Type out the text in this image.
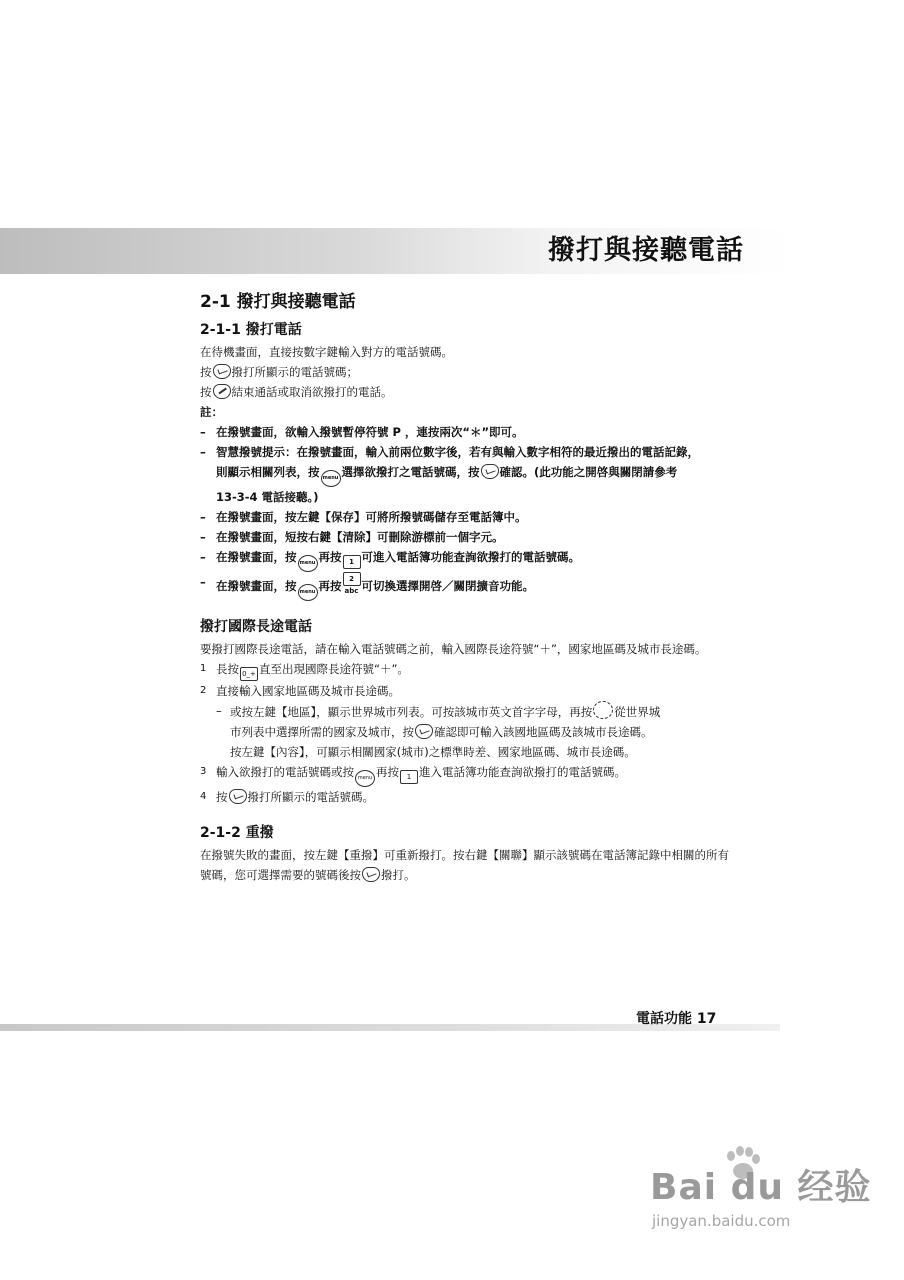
撥打與接聽電話
2-1 撥打與接聽電話
2-1-1 撥打電話

在待機畫面，直接按數字鍵輸入對方的電話號碼。

按 撥打所顯示的電話號碼；

按 結束通話或取消欲撥打的電話。

註：

– 在撥號畫面，欲輸入撥號暫停符號 P ，連按兩次“＊”即可。
– 智慧撥號提示：在撥號畫面，輸入前兩位數字後，若有與輸入數字相符的最近撥出的電話記錄，
則顯示相關列表，按 menu 選擇欲撥打之電話號碼，按 確認。(此功能之開啓與關閉請參考
13-3-4 電話接聽。)
– 在撥號畫面，按左鍵【保存】可將所撥號碼儲存至電話簿中。
– 在撥號畫面，短按右鍵【清除】可刪除游標前一個字元。
– 在撥號畫面，按 menu 再按 1 可進入電話簿功能查詢欲撥打的電話號碼。
– 在撥號畫面，按 menu 再按 2 abc 可切換選擇開啓／關閉擴音功能。
撥打國際長途電話

要撥打國際長途電話，請在輸入電話號碼之前，輸入國際長途符號“＋”，國家地區碼及城市長途碼。

1 長按 0_+ 直至出現國際長途符號“＋”。
2 直接輸入國家地區碼及城市長途碼。
– 或按左鍵【地區】，顯示世界城市列表。可按該城市英文首字字母，再按 從世界城
市列表中選擇所需的國家及城市，按 確認即可輸入該國地區碼及該城市長途碼。

按左鍵【內容】，可顯示相關國家(城市)之標準時差、國家地區碼、城市長途碼。

3 輸入欲撥打的電話號碼或按 menu 再按 1 進入電話簿功能查詢欲撥打的電話號碼。
4 按 撥打所顯示的電話號碼。
2-1-2 重撥

在撥號失敗的畫面，按左鍵【重撥】可重新撥打。按右鍵【關聯】顯示該號碼在電話簿記錄中相關的所有號碼，您可選擇需要的號碼後按 撥打。

電話功能 17
Bai du 经验
jingyan.baidu.com
